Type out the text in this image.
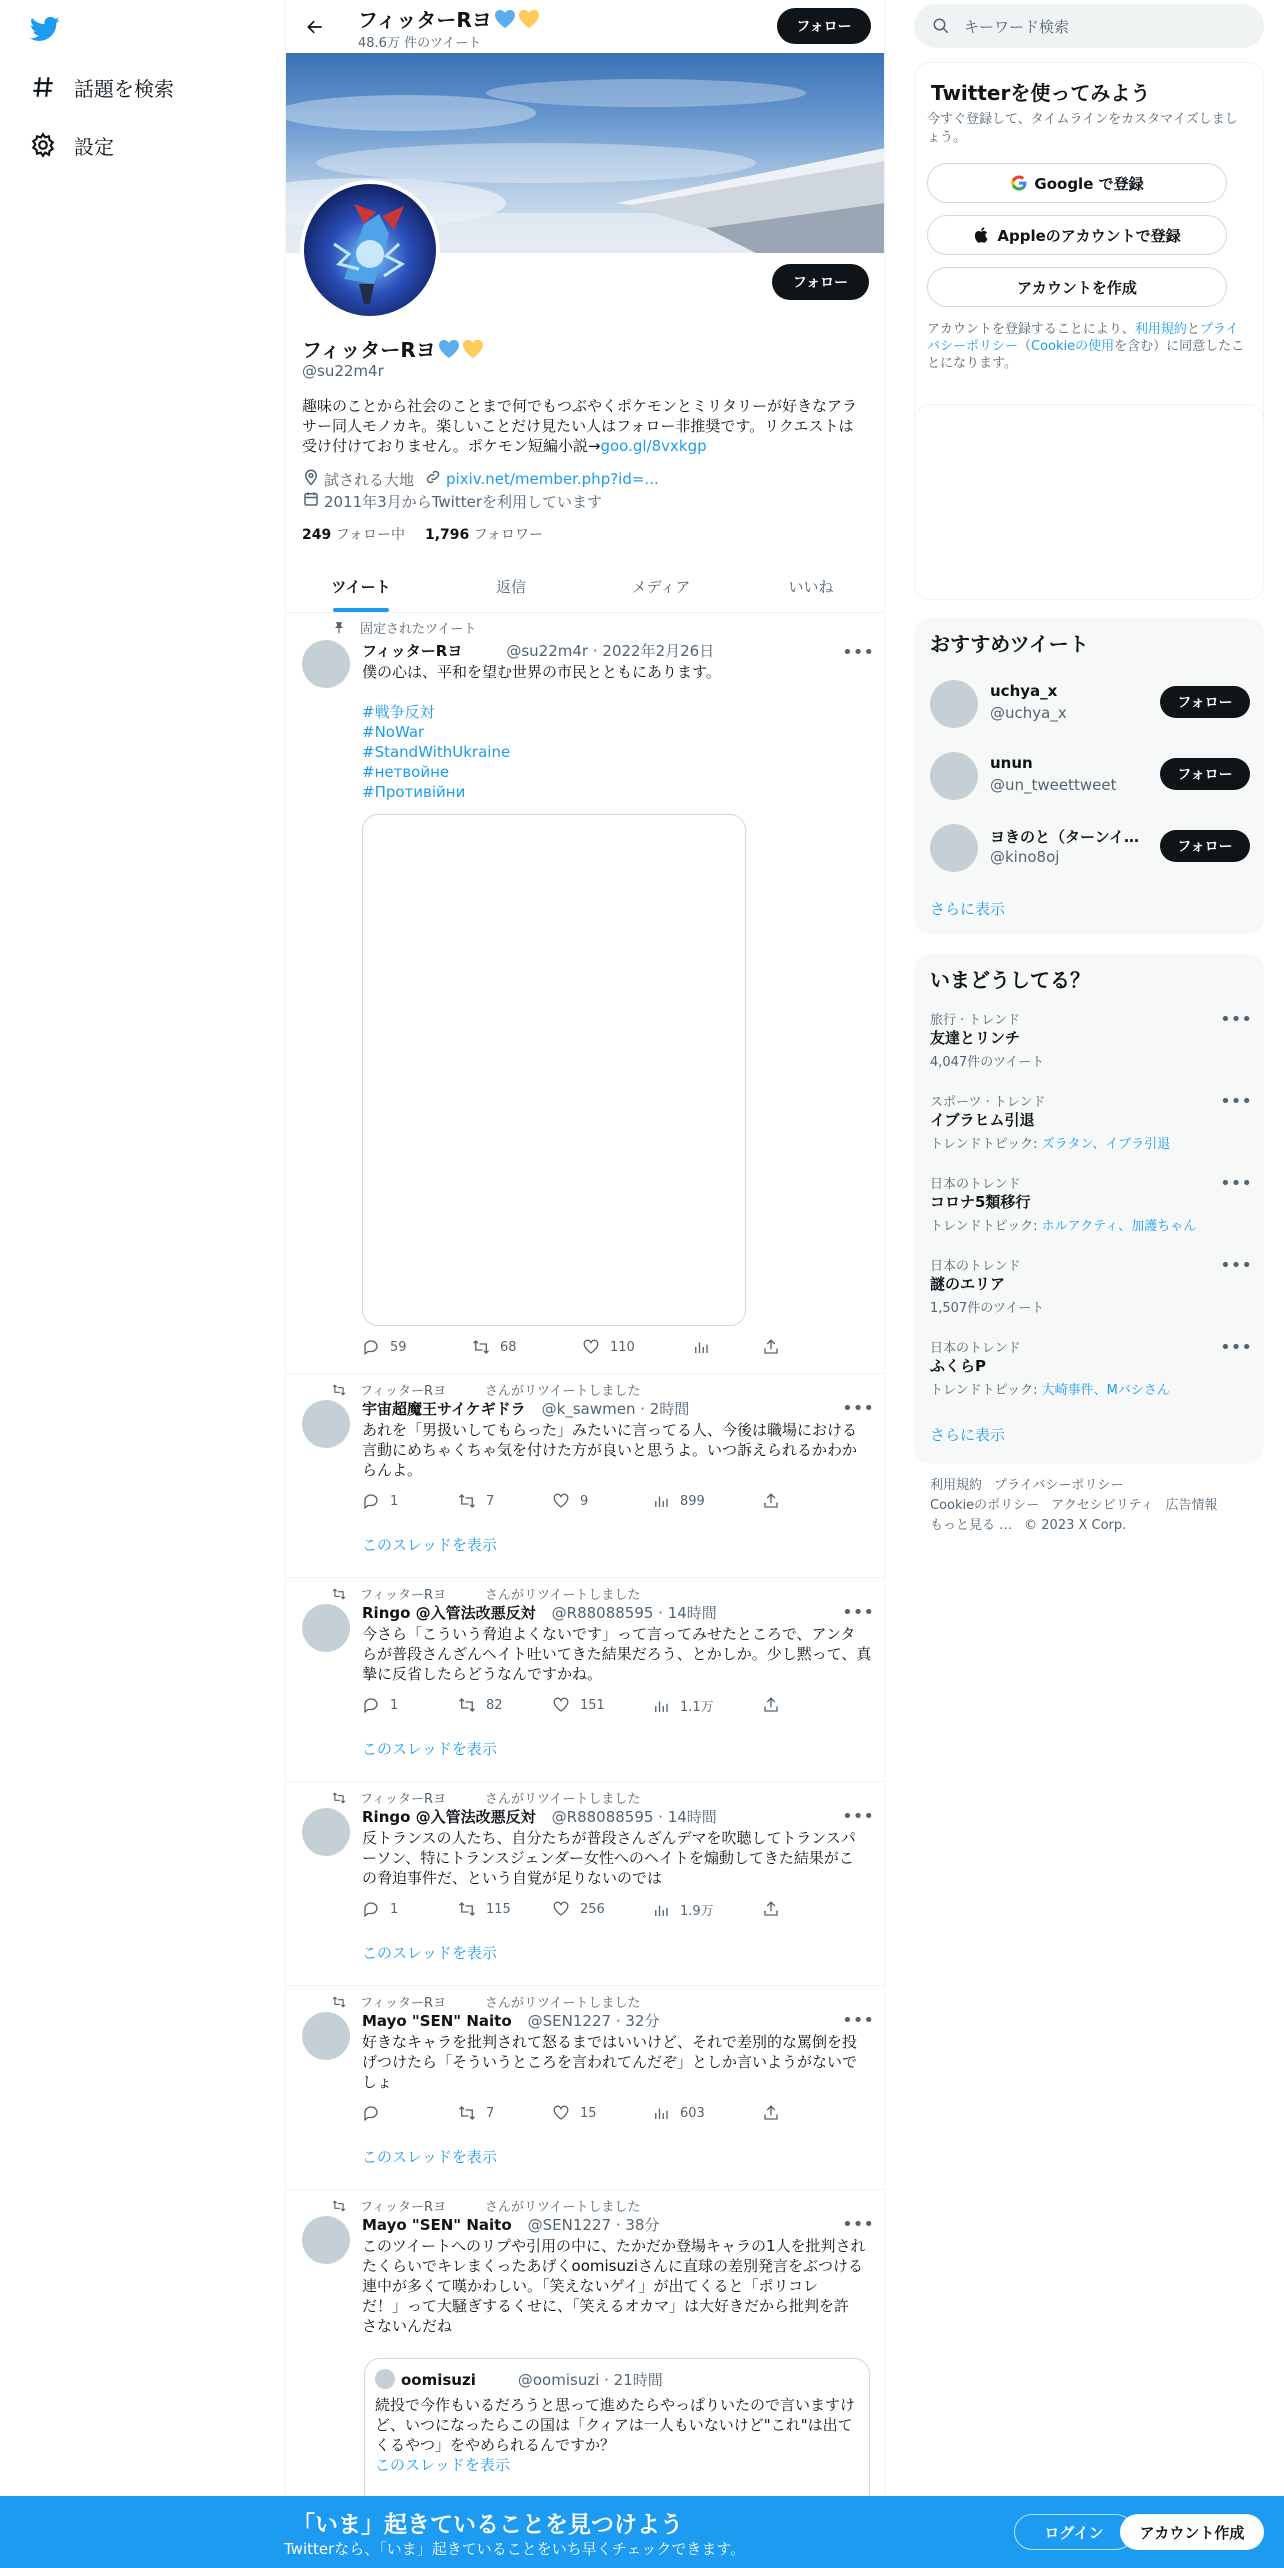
話題を検索
設定
フィッターRヨ
48.6万 件のツイート
フォロー
フォロー
フィッターRヨ
@su22m4r
趣味のことから社会のことまで何でもつぶやくポケモンとミリタリーが好きなアラ
サー同人モノカキ。楽しいことだけ見たい人はフォロー非推奨です。リクエストは
受け付けておりません。ポケモン短編小説→goo.gl/8vxkgp
試される大地 pixiv.net/member.php?id=...
2011年3月からTwitterを利用しています
249 フォロー中 1,796 フォロワー
ツイート	返信	メディア	いいね
固定されたツイート
フィッターRヨ	@su22m4r · 2022年2月26日	•••
僕の心は、平和を望む世界の市民とともにあります。
#戦争反対
#NoWar
#StandWithUkraine
#нетвойне
#Противійни
59	68	110
フィッターRヨ　　　さんがリツイートしました
宇宙超魔王サイケギドラ @k_sawmen · 2時間	•••
あれを「男扱いしてもらった」みたいに言ってる人、今後は職場における
言動にめちゃくちゃ気を付けた方が良いと思うよ。いつ訴えられるかわか
らんよ。
1	7	9	899
このスレッドを表示
フィッターRヨ　　　さんがリツイートしました
Ringo @入管法改悪反対 @R88088595 · 14時間	•••
今さら「こういう脅迫よくないです」って言ってみせたところで、アンタ
らが普段さんざんヘイト吐いてきた結果だろう、とかしか。少し黙って、真
摯に反省したらどうなんですかね。
1	82	151	1.1万
このスレッドを表示
フィッターRヨ　　　さんがリツイートしました
Ringo @入管法改悪反対 @R88088595 · 14時間	•••
反トランスの人たち、自分たちが普段さんざんデマを吹聴してトランスパ
ーソン、特にトランスジェンダー女性へのヘイトを煽動してきた結果がこ
の脅迫事件だ、という自覚が足りないのでは
1	115	256	1.9万
このスレッドを表示
フィッターRヨ　　　さんがリツイートしました
Mayo "SEN" Naito @SEN1227 · 32分	•••
好きなキャラを批判されて怒るまではいいけど、それで差別的な罵倒を投
げつけたら「そういうところを言われてんだぞ」としか言いようがないで
しょ
7	15	603
このスレッドを表示
フィッターRヨ　　　さんがリツイートしました
Mayo "SEN" Naito @SEN1227 · 38分	•••
このツイートへのリプや引用の中に、たかだか登場キャラの1人を批判され
たくらいでキレまくったあげくoomisuziさんに直球の差別発言をぶつける
連中が多くて嘆かわしい。「笑えないゲイ」が出てくると「ポリコレ
だ！」って大騒ぎするくせに、「笑えるオカマ」は大好きだから批判を許
さないんだね
oomisuzi	@oomisuzi · 21時間
続投で今作もいるだろうと思って進めたらやっぱりいたので言いますけ
ど、いつになったらこの国は「クィアは一人もいないけど"これ"は出て
くるやつ」をやめられるんですか？
このスレッドを表示
キーワード検索
Twitterを使ってみよう
今すぐ登録して、タイムラインをカスタマイズしまし
ょう。
Google で登録
Appleのアカウントで登録
アカウントを作成
アカウントを登録することにより、利用規約とプライ
バシーポリシー（Cookieの使用を含む）に同意したこ
とになります。
おすすめツイート
uchya_x
@uchya_x
フォロー
unun
@un_tweettweet
フォロー
ヨきのと（ターンイ…
@kino8oj
フォロー
さらに表示
いまどうしてる？
旅行 · トレンド
友達とリンチ
4,047件のツイート
•••
スポーツ · トレンド
イブラヒム引退
トレンドトピック: ズラタン、イブラ引退
•••
日本のトレンド
コロナ5類移行
トレンドトピック: ホルアクティ、加護ちゃん
•••
日本のトレンド
謎のエリア
1,507件のツイート
•••
日本のトレンド
ふくらP
トレンドトピック: 大崎事件、Mバシさん
•••
さらに表示
利用規約 プライバシーポリシー
Cookieのポリシー アクセシビリティ 広告情報
もっと見る … © 2023 X Corp.
「いま」起きていることを見つけよう
Twitterなら、「いま」起きていることをいち早くチェックできます。
ログイン	アカウント作成
